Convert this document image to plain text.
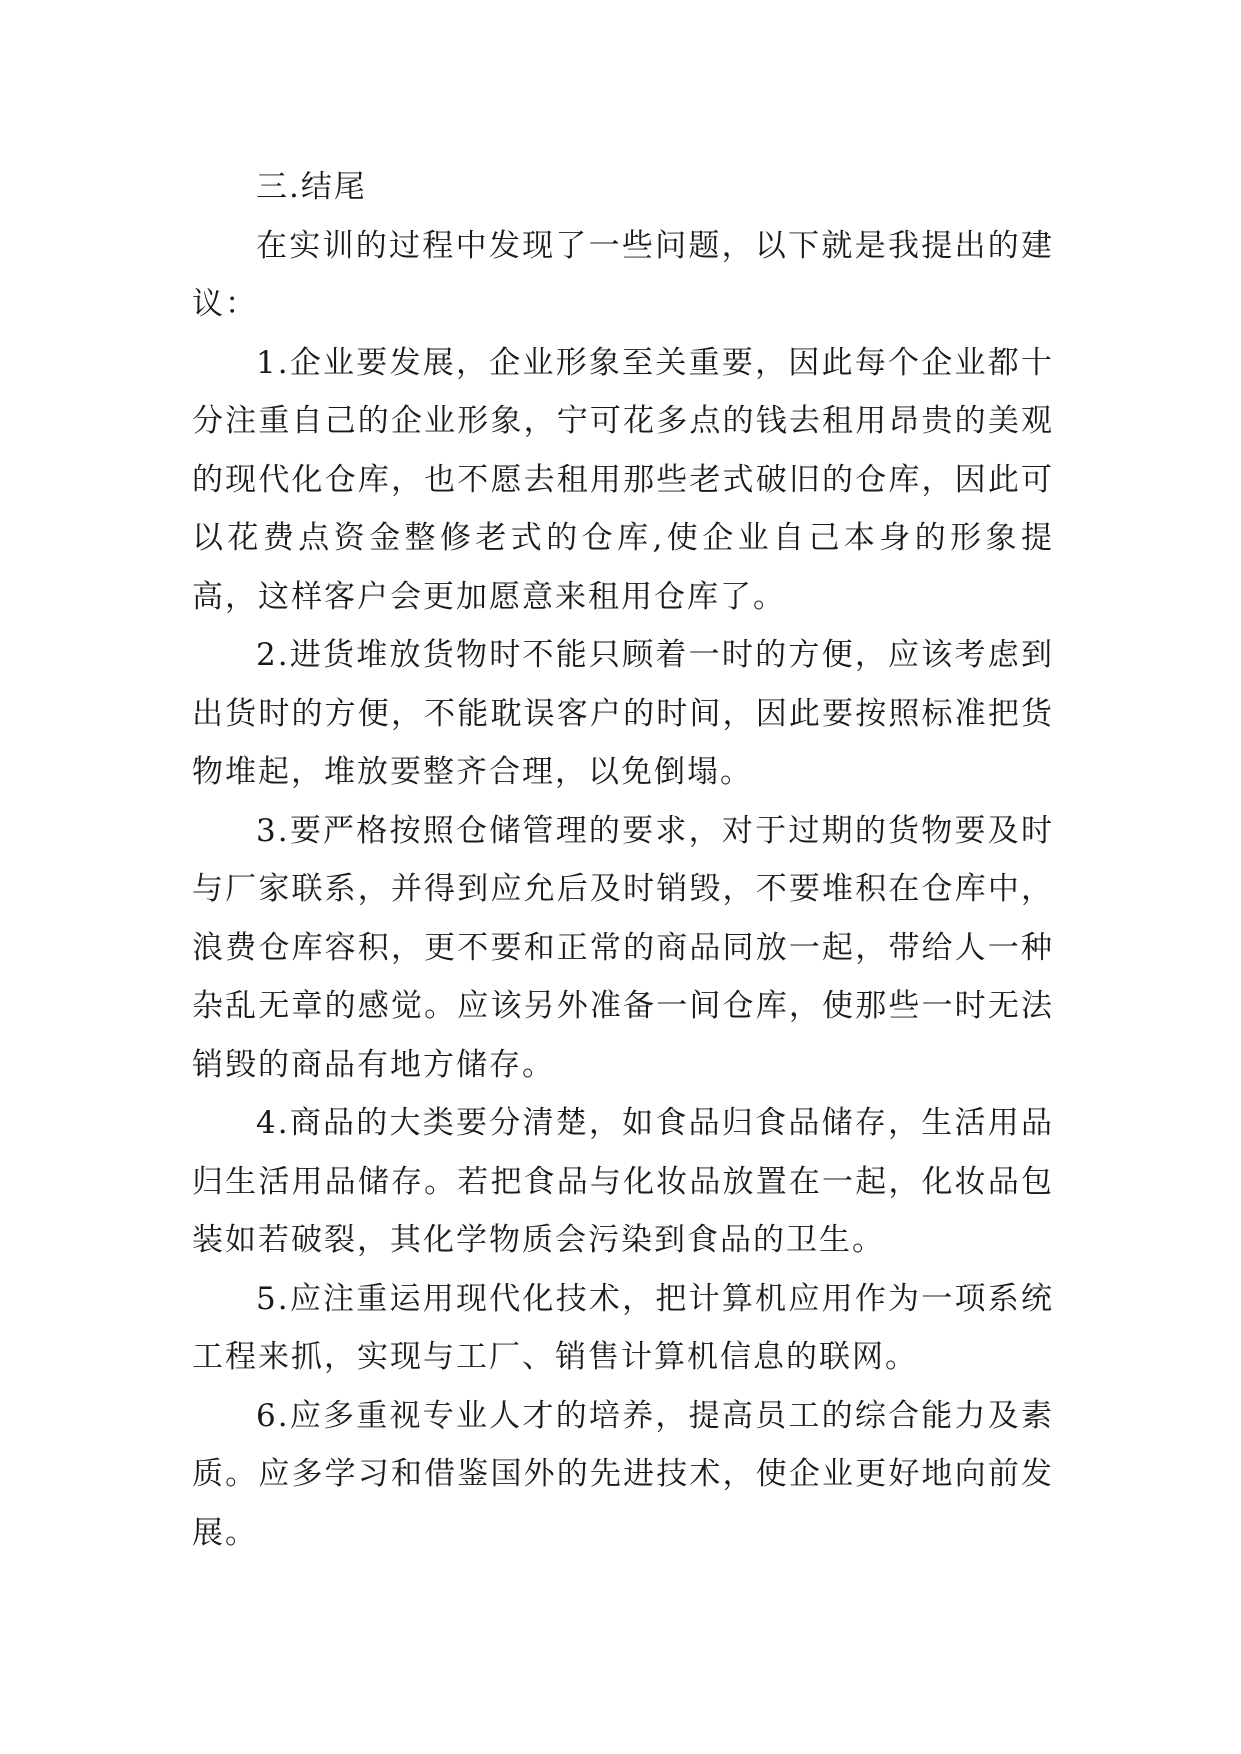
三.结尾

在实训的过程中发现了一些问题，以下就是我提出的建议：

1.企业要发展，企业形象至关重要，因此每个企业都十分注重自己的企业形象，宁可花多点的钱去租用昂贵的美观的现代化仓库，也不愿去租用那些老式破旧的仓库，因此可以花费点资金整修老式的仓库,使企业自己本身的形象提高，这样客户会更加愿意来租用仓库了。

2.进货堆放货物时不能只顾着一时的方便，应该考虑到出货时的方便，不能耽误客户的时间，因此要按照标准把货物堆起，堆放要整齐合理，以免倒塌。

3.要严格按照仓储管理的要求，对于过期的货物要及时与厂家联系，并得到应允后及时销毁，不要堆积在仓库中，浪费仓库容积，更不要和正常的商品同放一起，带给人一种杂乱无章的感觉。应该另外准备一间仓库，使那些一时无法销毁的商品有地方储存。

4.商品的大类要分清楚，如食品归食品储存，生活用品归生活用品储存。若把食品与化妆品放置在一起，化妆品包装如若破裂，其化学物质会污染到食品的卫生。

5.应注重运用现代化技术，把计算机应用作为一项系统工程来抓，实现与工厂、销售计算机信息的联网。

6.应多重视专业人才的培养，提高员工的综合能力及素质。应多学习和借鉴国外的先进技术，使企业更好地向前发展。
